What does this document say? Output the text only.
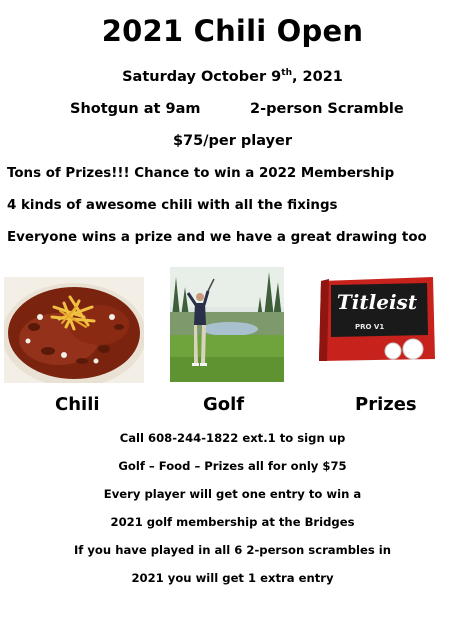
2021 Chili Open
Saturday October 9th, 2021
Shotgun at 9am	2-person Scramble
$75/per player
Tons of Prizes!!! Chance to win a 2022 Membership
4 kinds of awesome chili with all the fixings
Everyone wins a prize and we have a great drawing too
Titleist
PRO V1
Chili	Golf	Prizes
Call 608-244-1822 ext.1 to sign up
Golf – Food – Prizes all for only $75
Every player will get one entry to win a
2021 golf membership at the Bridges
If you have played in all 6 2-person scrambles in
2021 you will get 1 extra entry
